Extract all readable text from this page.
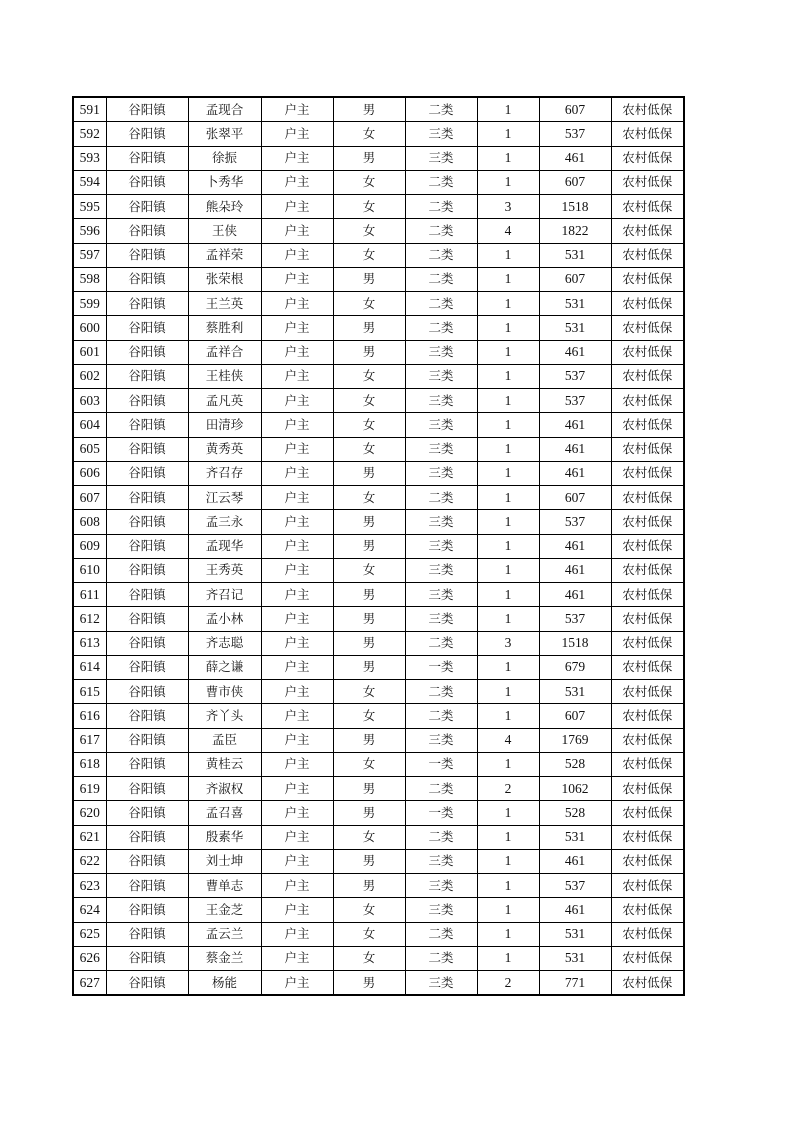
591	谷阳镇	孟现合	户主	男	二类	1	607	农村低保
592	谷阳镇	张翠平	户主	女	三类	1	537	农村低保
593	谷阳镇	徐振	户主	男	三类	1	461	农村低保
594	谷阳镇	卜秀华	户主	女	二类	1	607	农村低保
595	谷阳镇	熊朵玲	户主	女	二类	3	1518	农村低保
596	谷阳镇	王侠	户主	女	二类	4	1822	农村低保
597	谷阳镇	孟祥荣	户主	女	二类	1	531	农村低保
598	谷阳镇	张荣根	户主	男	二类	1	607	农村低保
599	谷阳镇	王兰英	户主	女	二类	1	531	农村低保
600	谷阳镇	蔡胜利	户主	男	二类	1	531	农村低保
601	谷阳镇	孟祥合	户主	男	三类	1	461	农村低保
602	谷阳镇	王桂侠	户主	女	三类	1	537	农村低保
603	谷阳镇	孟凡英	户主	女	三类	1	537	农村低保
604	谷阳镇	田清珍	户主	女	三类	1	461	农村低保
605	谷阳镇	黄秀英	户主	女	三类	1	461	农村低保
606	谷阳镇	齐召存	户主	男	三类	1	461	农村低保
607	谷阳镇	江云琴	户主	女	二类	1	607	农村低保
608	谷阳镇	孟三永	户主	男	三类	1	537	农村低保
609	谷阳镇	孟现华	户主	男	三类	1	461	农村低保
610	谷阳镇	王秀英	户主	女	三类	1	461	农村低保
611	谷阳镇	齐召记	户主	男	三类	1	461	农村低保
612	谷阳镇	孟小林	户主	男	三类	1	537	农村低保
613	谷阳镇	齐志聪	户主	男	二类	3	1518	农村低保
614	谷阳镇	薛之谦	户主	男	一类	1	679	农村低保
615	谷阳镇	曹市侠	户主	女	二类	1	531	农村低保
616	谷阳镇	齐丫头	户主	女	二类	1	607	农村低保
617	谷阳镇	孟臣	户主	男	三类	4	1769	农村低保
618	谷阳镇	黄桂云	户主	女	一类	1	528	农村低保
619	谷阳镇	齐淑权	户主	男	二类	2	1062	农村低保
620	谷阳镇	孟召喜	户主	男	一类	1	528	农村低保
621	谷阳镇	殷素华	户主	女	二类	1	531	农村低保
622	谷阳镇	刘士坤	户主	男	三类	1	461	农村低保
623	谷阳镇	曹单志	户主	男	三类	1	537	农村低保
624	谷阳镇	王金芝	户主	女	三类	1	461	农村低保
625	谷阳镇	孟云兰	户主	女	二类	1	531	农村低保
626	谷阳镇	蔡金兰	户主	女	二类	1	531	农村低保
627	谷阳镇	杨能	户主	男	三类	2	771	农村低保
